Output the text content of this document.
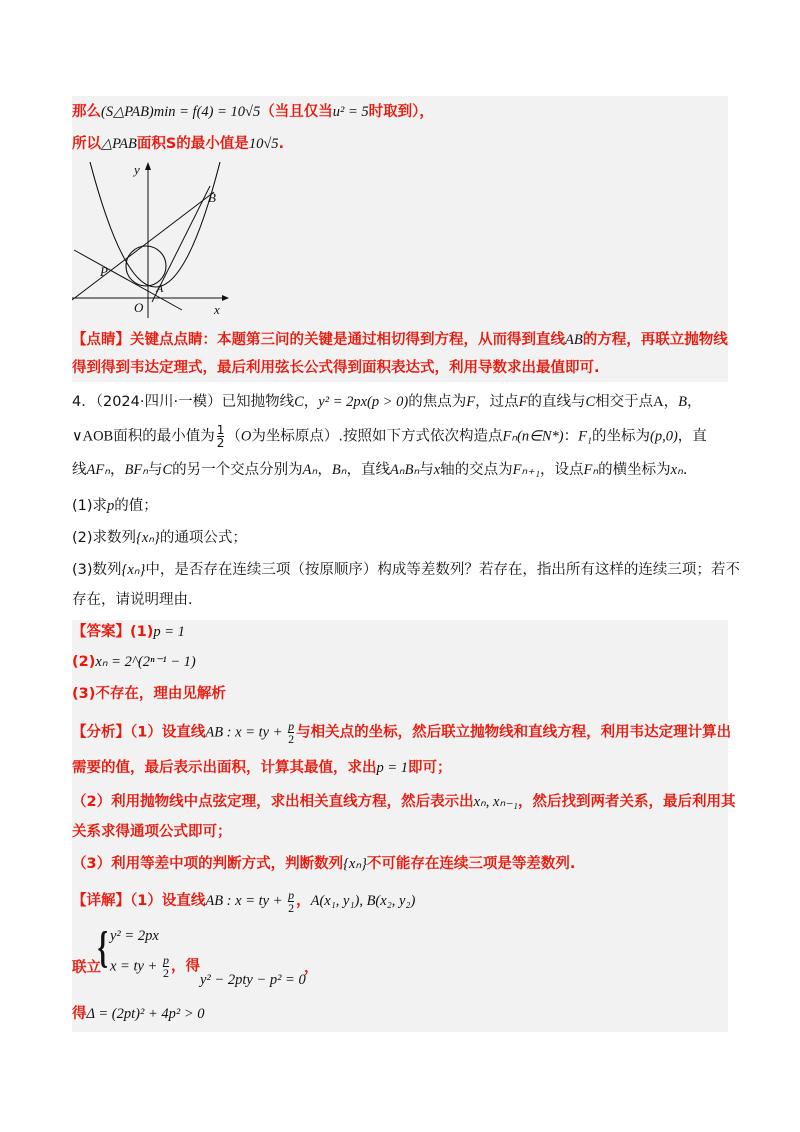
那么(S△PAB)min = f(4) = 10√5（当且仅当u² = 5时取到），
所以△PAB面积S的最小值是10√5.
y
x
O
B
P
A
【点睛】关键点点睛：本题第三问的关键是通过相切得到方程，从而得到直线AB的方程，再联立抛物线
得到得到韦达定理式，最后利用弦长公式得到面积表达式，利用导数求出最值即可.
4．（2024·四川·一模）已知抛物线C，y² = 2px(p > 0)的焦点为F，过点F的直线与C相交于点A，B，
∨AOB面积的最小值为 $\frac{1}{2} (O$为坐标原点）.按照如下方式依次构造点Fₙ(n∈N*)：F₁的坐标为(p,0)，直
线AFₙ，BFₙ与C的另一个交点分别为Aₙ，Bₙ，直线AₙBₙ与x轴的交点为Fₙ₊₁，设点Fₙ的横坐标为xₙ.
(1)求p的值；
(2)求数列{xₙ}的通项公式；
(3)数列{xₙ}中，是否存在连续三项（按原顺序）构成等差数列？若存在，指出所有这样的连续三项；若不
存在，请说明理由.
【答案】(1)p = 1
(2)xₙ = 2^(2ⁿ⁻¹ − 1)
(3)不存在，理由见解析
【分析】（1）设直线AB : x = ty + $\frac{p}{2}$ 与相关点的坐标，然后联立抛物线和直线方程，利用韦达定理计算出
需要的值，最后表示出面积，计算其最值，求出p = 1即可；
（2）利用抛物线中点弦定理，求出相关直线方程，然后表示出xₙ, xₙ₋₁，然后找到两者关系，最后利用其
关系求得通项公式即可；
（3）利用等差中项的判断方式，判断数列{xₙ}不可能存在连续三项是等差数列.
【详解】（1）设直线AB : x = ty + $\frac{p}{2}$ ，A(x₁, y₁), B(x₂, y₂)
联立
{ y² = 2px
x = ty + $\frac{p}{2}$ ，得
y² − 2pty − p² = 0
，
得Δ = (2pt)² + 4p² > 0
